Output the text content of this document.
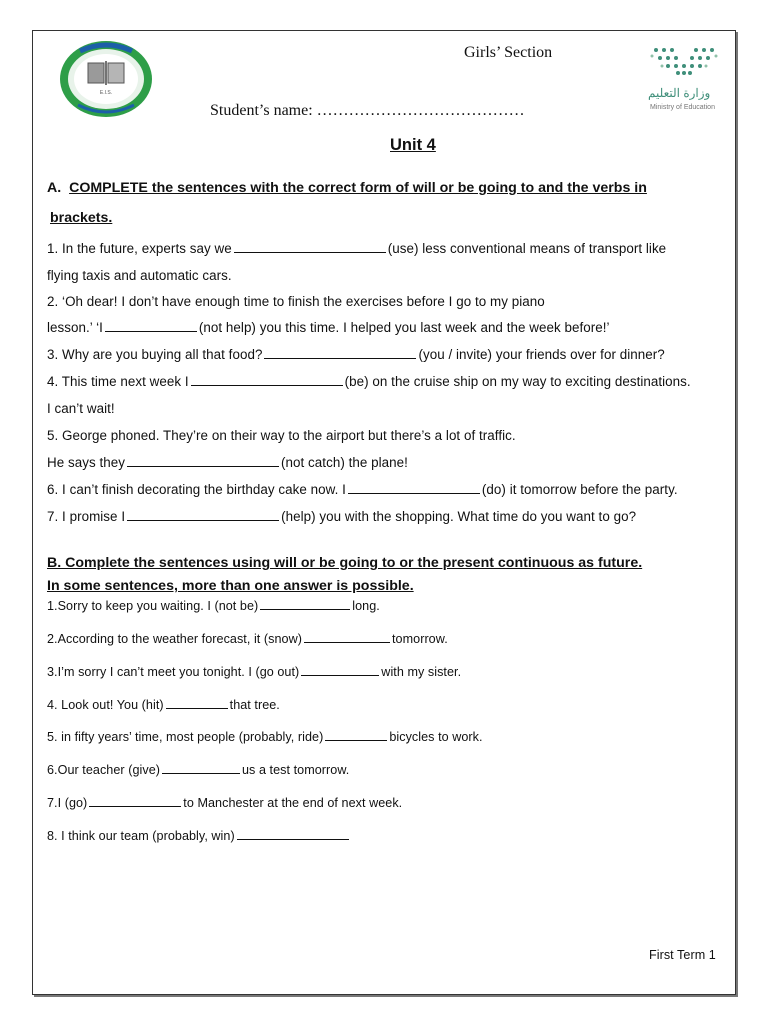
E.I.S.	وزارة التعليم
Ministry of Education
Girls’ Section
Student’s name: …………………………………
Unit 4
A. COMPLETE the sentences with the correct form of will or be going to and the verbs in
brackets.
1. In the future, experts say we	(use) less conventional means of transport like
flying taxis and automatic cars.
2. ‘Oh dear! I don’t have enough time to finish the exercises before I go to my piano
lesson.’ ‘I	(not help) you this time. I helped you last week and the week before!’
3. Why are you buying all that food?	(you / invite) your friends over for dinner?
4. This time next week I	(be) on the cruise ship on my way to exciting destinations.
I can’t wait!
5. George phoned. They’re on their way to the airport but there’s a lot of traffic.
He says they	(not catch) the plane!
6. I can’t finish decorating the birthday cake now. I	(do) it tomorrow before the party.
7. I promise I	(help) you with the shopping. What time do you want to go?
B. Complete the sentences using will or be going to or the present continuous as future.
In some sentences, more than one answer is possible.
1.Sorry to keep you waiting. I (not be)	long.
2.According to the weather forecast, it (snow)	tomorrow.
3.I’m sorry I can’t meet you tonight. I (go out)	with my sister.
4. Look out! You (hit)	that tree.
5. in fifty years’ time, most people (probably, ride)	bicycles to work.
6.Our teacher (give)	us a test tomorrow.
7.I (go)	to Manchester at the end of next week.
8. I think our team (probably, win)
First Term 1
